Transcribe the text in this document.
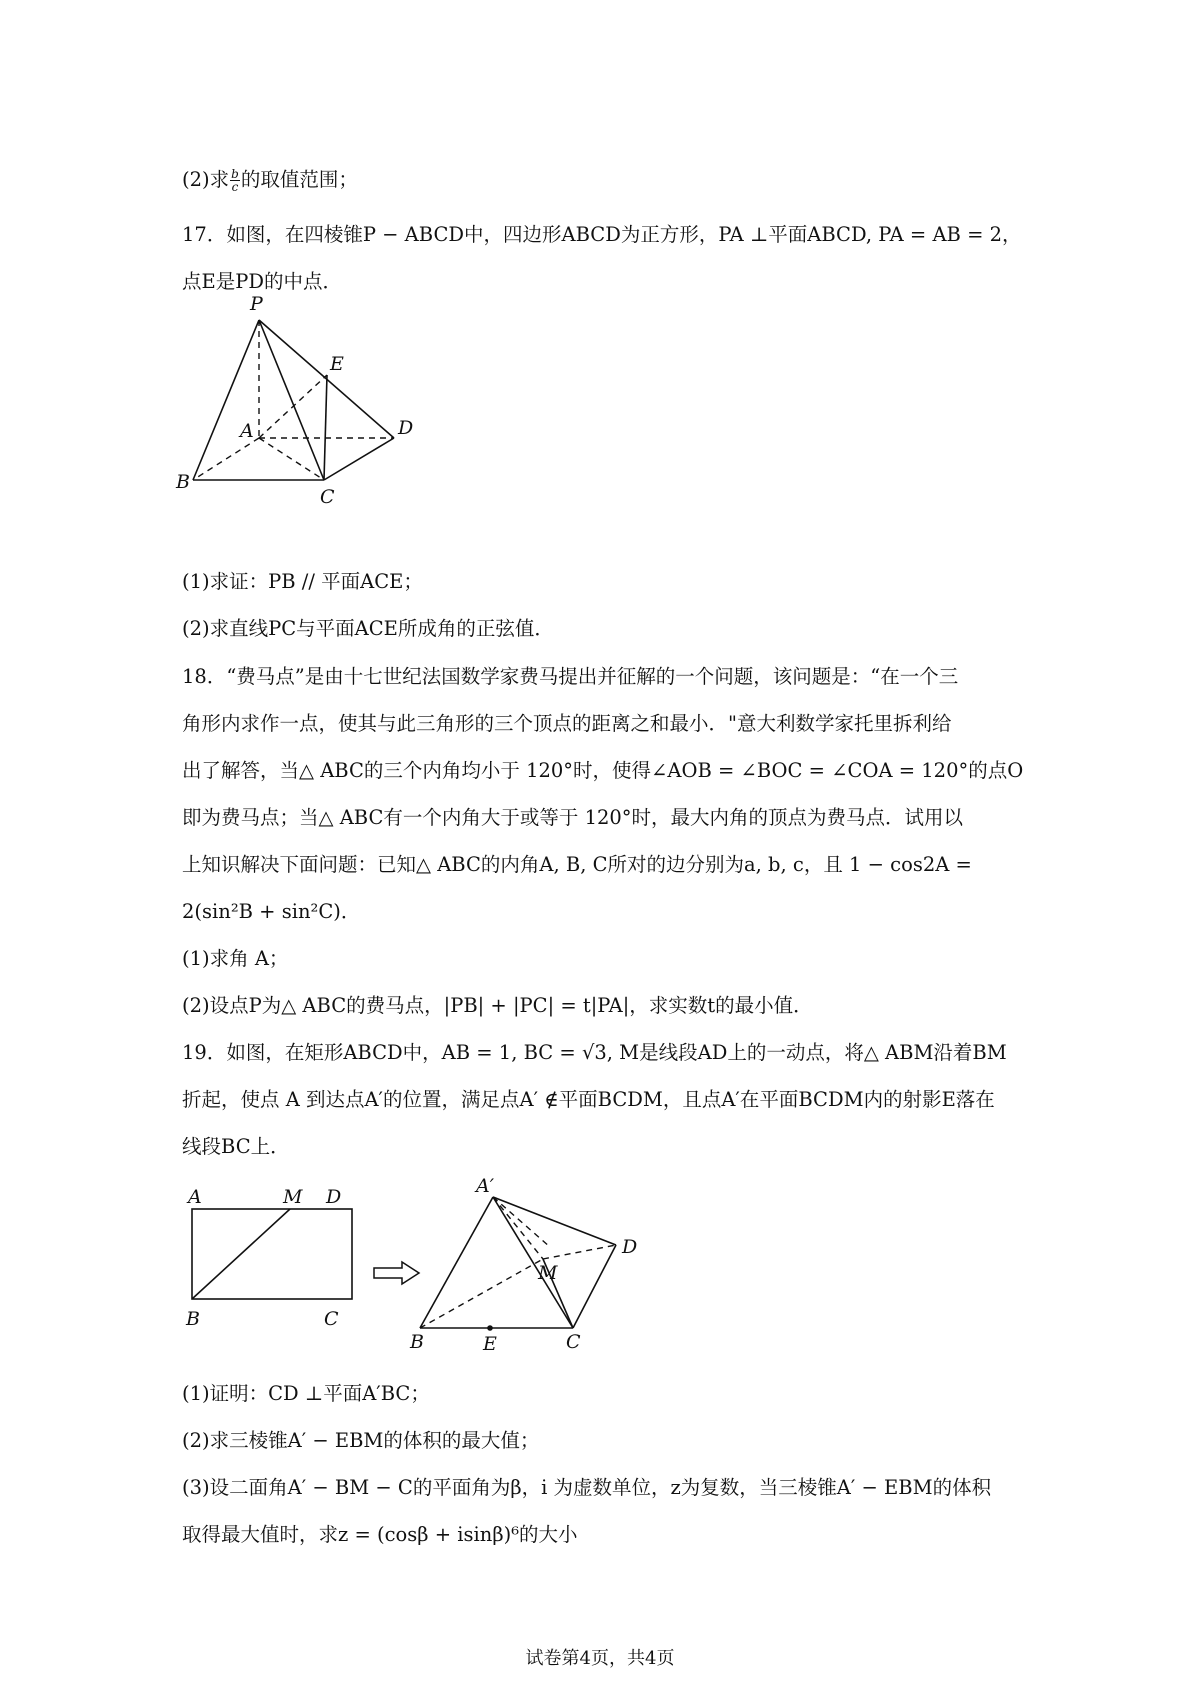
(2)求 $\frac{b}{c}$ 的取值范围；
17．如图，在四棱锥P − ABCD中，四边形ABCD为正方形，PA ⊥平面ABCD, PA = AB = 2，
点E是PD的中点．
P
E
A	D
B
C
(1)求证：PB // 平面ACE；
(2)求直线PC与平面ACE所成角的正弦值．
18．“费马点”是由十七世纪法国数学家费马提出并征解的一个问题，该问题是：“在一个三
角形内求作一点，使其与此三角形的三个顶点的距离之和最小．"意大利数学家托里拆利给
出了解答，当△ ABC的三个内角均小于 120°时，使得∠AOB = ∠BOC = ∠COA = 120°的点O
即为费马点；当△ ABC有一个内角大于或等于 120°时，最大内角的顶点为费马点．试用以
上知识解决下面问题：已知△ ABC的内角A, B, C所对的边分别为a, b, c，且 1 − cos2A =
2(sin²B + sin²C)．
(1)求角 A；
(2)设点P为△ ABC的费马点，|PB| + |PC| = t|PA|，求实数t的最小值．
19．如图，在矩形ABCD中，AB = 1, BC = √3, M是线段AD上的一动点，将△ ABM沿着BM
折起，使点 A 到达点A′的位置，满足点A′ ∉平面BCDM，且点A′在平面BCDM内的射影E落在
线段BC上．
A	M D
B	C
A′
M
D
B	E	C
(1)证明：CD ⊥平面A′BC；
(2)求三棱锥A′ − EBM的体积的最大值；
(3)设二面角A′ − BM − C的平面角为β，i 为虚数单位，z为复数，当三棱锥A′ − EBM的体积
取得最大值时，求z = (cosβ + isinβ)⁶的大小
试卷第4页，共4页
